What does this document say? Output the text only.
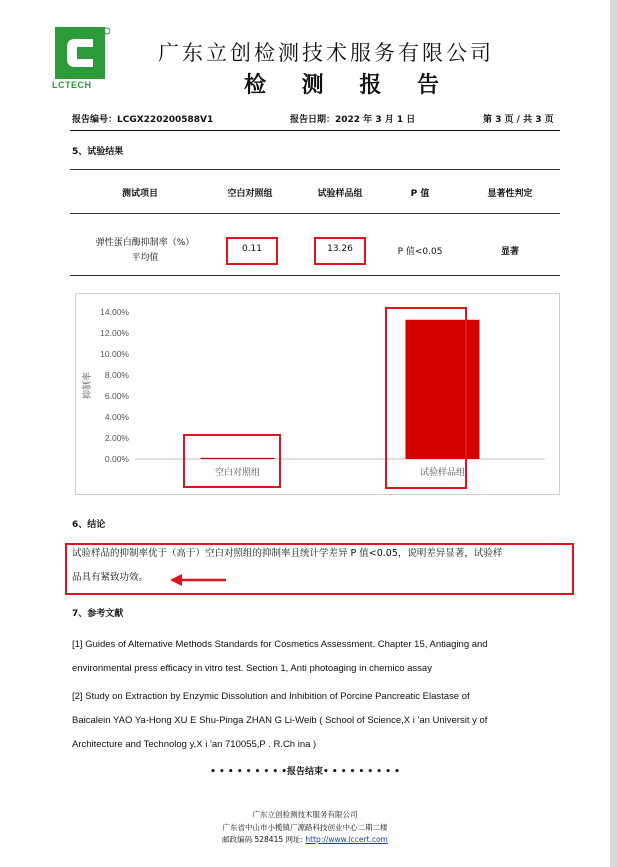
LCTECH
广东立创检测技术服务有限公司
检 测 报 告
报告编号：LCGX220200588V1	报告日期：2022 年 3 月 1 日	第 3 页 / 共 3 页
5、试验结果
测试项目	空白对照组	试验样品组	P 值	显著性判定
弹性蛋白酶抑制率（%）
平均值
0.11	13.26	P 值<0.05	显著
0.00%
2.00%
4.00%
6.00%
8.00%
10.00%
12.00%
14.00%
抑制率
空白对照组	试验样品组
6、结论
试验样品的抑制率优于（高于）空白对照组的抑制率且统计学差异 P 值<0.05，说明差异显著，试验样
品具有紧致功效。
7、参考文献
[1] Guides of Alternative Methods Standards for Cosmetics Assessment. Chapter 15, Antiaging and
environmental press efficacy in vitro test. Section 1, Anti photoaging in chemico assay
[2] Study on Extraction by Enzymic Dissolution and Inhibition of Porcine Pancreatic Elastase of
Baicalein YAO Ya-Hong XU E Shu-Pinga ZHAN G Li-Weib ( School of Science,X i 'an Universit y of
Architecture and Technolog y,X i 'an 710055,P . R.Ch ina )
• • • • • • • • •报告结束• • • • • • • • •
广东立创检测技术服务有限公司
广东省中山市小榄镇广源路科技创业中心二期二楼
邮政编码 528415 网址: http://www.lccert.com
